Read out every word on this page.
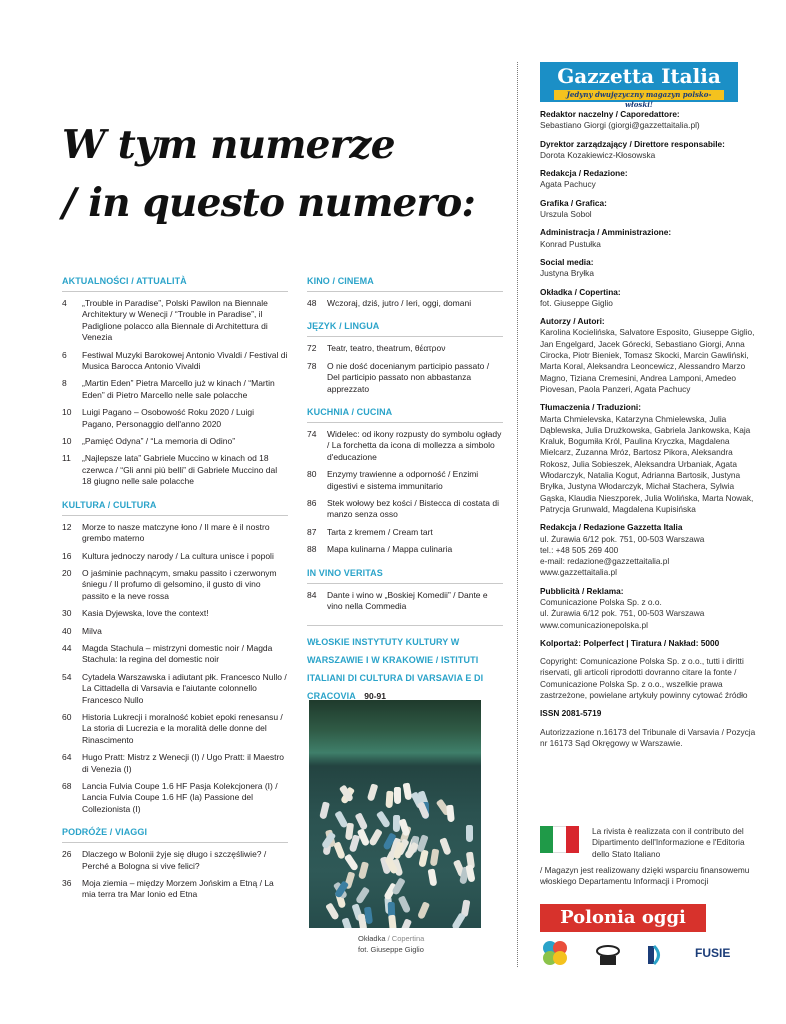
W tym numerze
/ in questo numero:
AKTUALNOŚCI / ATTUALITÀ
4	„Trouble in Paradise”, Polski Pawilon na Biennale Architektury w Wenecji / “Trouble in Paradise”, il Padiglione polacco alla Biennale di Architettura di Venezia
6	Festiwal Muzyki Barokowej Antonio Vivaldi / Festival di Musica Barocca Antonio Vivaldi
8	„Martin Eden” Pietra Marcello już w kinach / “Martin Eden” di Pietro Marcello nelle sale polacche
10	Luigi Pagano – Osobowość Roku 2020 / Luigi Pagano, Personaggio dell'anno 2020
10	„Pamięć Odyna” / “La memoria di Odino”
11	„Najlepsze lata” Gabriele Muccino w kinach od 18 czerwca / “Gli anni più belli” di Gabriele Muccino dal 18 giugno nelle sale polacche
KULTURA / CULTURA
12	Morze to nasze matczyne łono / Il mare è il nostro grembo materno
16	Kultura jednoczy narody / La cultura unisce i popoli
20	O jaśminie pachnącym, smaku passito i czerwonym śniegu / Il profumo di gelsomino, il gusto di vino passito e la neve rossa
30	Kasia Dyjewska, love the context!
40	Milva
44	Magda Stachula – mistrzyni domestic noir / Magda Stachula: la regina del domestic noir
54	Cytadela Warszawska i adiutant płk. Francesco Nullo / La Cittadella di Varsavia e l'aiutante colonnello Francesco Nullo
60	Historia Lukrecji i moralność kobiet epoki renesansu / La storia di Lucrezia e la moralità delle donne del Rinascimento
64	Hugo Pratt: Mistrz z Wenecji (I) / Ugo Pratt: il Maestro di Venezia (I)
68	Lancia Fulvia Coupe 1.6 HF Pasja Kolekcjonera (I) / Lancia Fulvia Coupe 1.6 HF (la) Passione del Collezionista (I)
PODRÓŻE / VIAGGI
26	Dlaczego w Bolonii żyje się długo i szczęśliwie? / Perché a Bologna si vive felici?
36	Moja ziemia – między Morzem Jońskim a Etną / La mia terra tra Mar Ionio ed Etna
KINO / CINEMA
48	Wczoraj, dziś, jutro / Ieri, oggi, domani
JĘZYK / LINGUA
72	Teatr, teatro, theatrum, θέατρον
78	O nie dość docenianym participio passato / Del participio passato non abbastanza apprezzato
KUCHNIA / CUCINA
74	Widelec: od ikony rozpusty do symbolu ogłady / La forchetta da icona di mollezza a simbolo d'educazione
80	Enzymy trawienne a odporność / Enzimi digestivi e sistema immunitario
86	Stek wołowy bez kości / Bistecca di costata di manzo senza osso
87	Tarta z kremem / Cream tart
88	Mapa kulinarna / Mappa culinaria
IN VINO VERITAS
84	Dante i wino w „Boskiej Komedii” / Dante e vino nella Commedia
WŁOSKIE INSTYTUTY KULTURY W WARSZAWIE I W KRAKOWIE / ISTITUTI ITALIANI DI CULTURA DI VARSAVIA E DI CRACOVIA 90-91
Okładka / Copertina
fot. Giuseppe Giglio
Gazzetta Italia
Jedyny dwujęzyczny magazyn polsko-włoski!
Redaktor naczelny / Caporedattore:
Sebastiano Giorgi (giorgi@gazzettaitalia.pl)
Dyrektor zarządzający / Direttore responsabile:
Dorota Kozakiewicz-Kłosowska
Redakcja / Redazione:
Agata Pachucy
Grafika / Grafica:
Urszula Sobol
Administracja / Amministrazione:
Konrad Pustułka
Social media:
Justyna Bryłka
Okładka / Copertina:
fot. Giuseppe Giglio
Autorzy / Autori:
Karolina Kocielińska, Salvatore Esposito, Giuseppe Giglio, Jan Engelgard, Jacek Górecki, Sebastiano Giorgi, Anna Cirocka, Piotr Bieniek, Tomasz Skocki, Marcin Gawliński, Marta Koral, Aleksandra Leoncewicz, Alessandro Marzo Magno, Tiziana Cremesini, Andrea Lamponi, Amedeo Piovesan, Paola Panzeri, Agata Pachucy
Tłumaczenia / Traduzioni:
Marta Chmielevska, Katarzyna Chmielewska, Julia Dąblewska, Julia Drużkowska, Gabriela Jankowska, Kaja Kraluk, Bogumiła Król, Paulina Kryczka, Magdalena Mielcarz, Zuzanna Mróz, Bartosz Pikora, Aleksandra Rokosz, Julia Sobieszek, Aleksandra Urbaniak, Agata Włodarczyk, Natalia Kogut, Adrianna Bartosik, Justyna Bryłka, Justyna Włodarczyk, Michał Stachera, Sylwia Gąska, Klaudia Nieszporek, Julia Wolińska, Marta Nowak, Patrycja Grunwald, Magdalena Kupisińska
Redakcja / Redazione Gazzetta Italia
ul. Żurawia 6/12 pok. 751, 00-503 Warszawa
tel.: +48 505 269 400
e-mail: redazione@gazzettaitalia.pl
www.gazzettaitalia.pl
Pubblicità / Reklama:
Comunicazione Polska Sp. z o.o.
ul. Żurawia 6/12 pok. 751, 00-503 Warszawa
www.comunicazionepolska.pl
Kolportaż: Polperfect | Tiratura / Nakład: 5000
Copyright: Comunicazione Polska Sp. z o.o., tutti i diritti riservati, gli articoli riprodotti dovranno citare la fonte / Comunicazione Polska Sp. z o.o., wszelkie prawa zastrzeżone, powielane artykuły powinny cytować źródło
ISSN 2081-5719
Autorizzazione n.16173 del Tribunale di Varsavia / Pozycja nr 16173 Sąd Okręgowy w Warszawie.
La rivista è realizzata con il contributo del Dipartimento dell'Informazione e l'Editoria dello Stato Italiano
/ Magazyn jest realizowany dzięki wsparciu finansowemu włoskiego Departamentu Informacji i Promocji
Polonia oggi
FUSIE
